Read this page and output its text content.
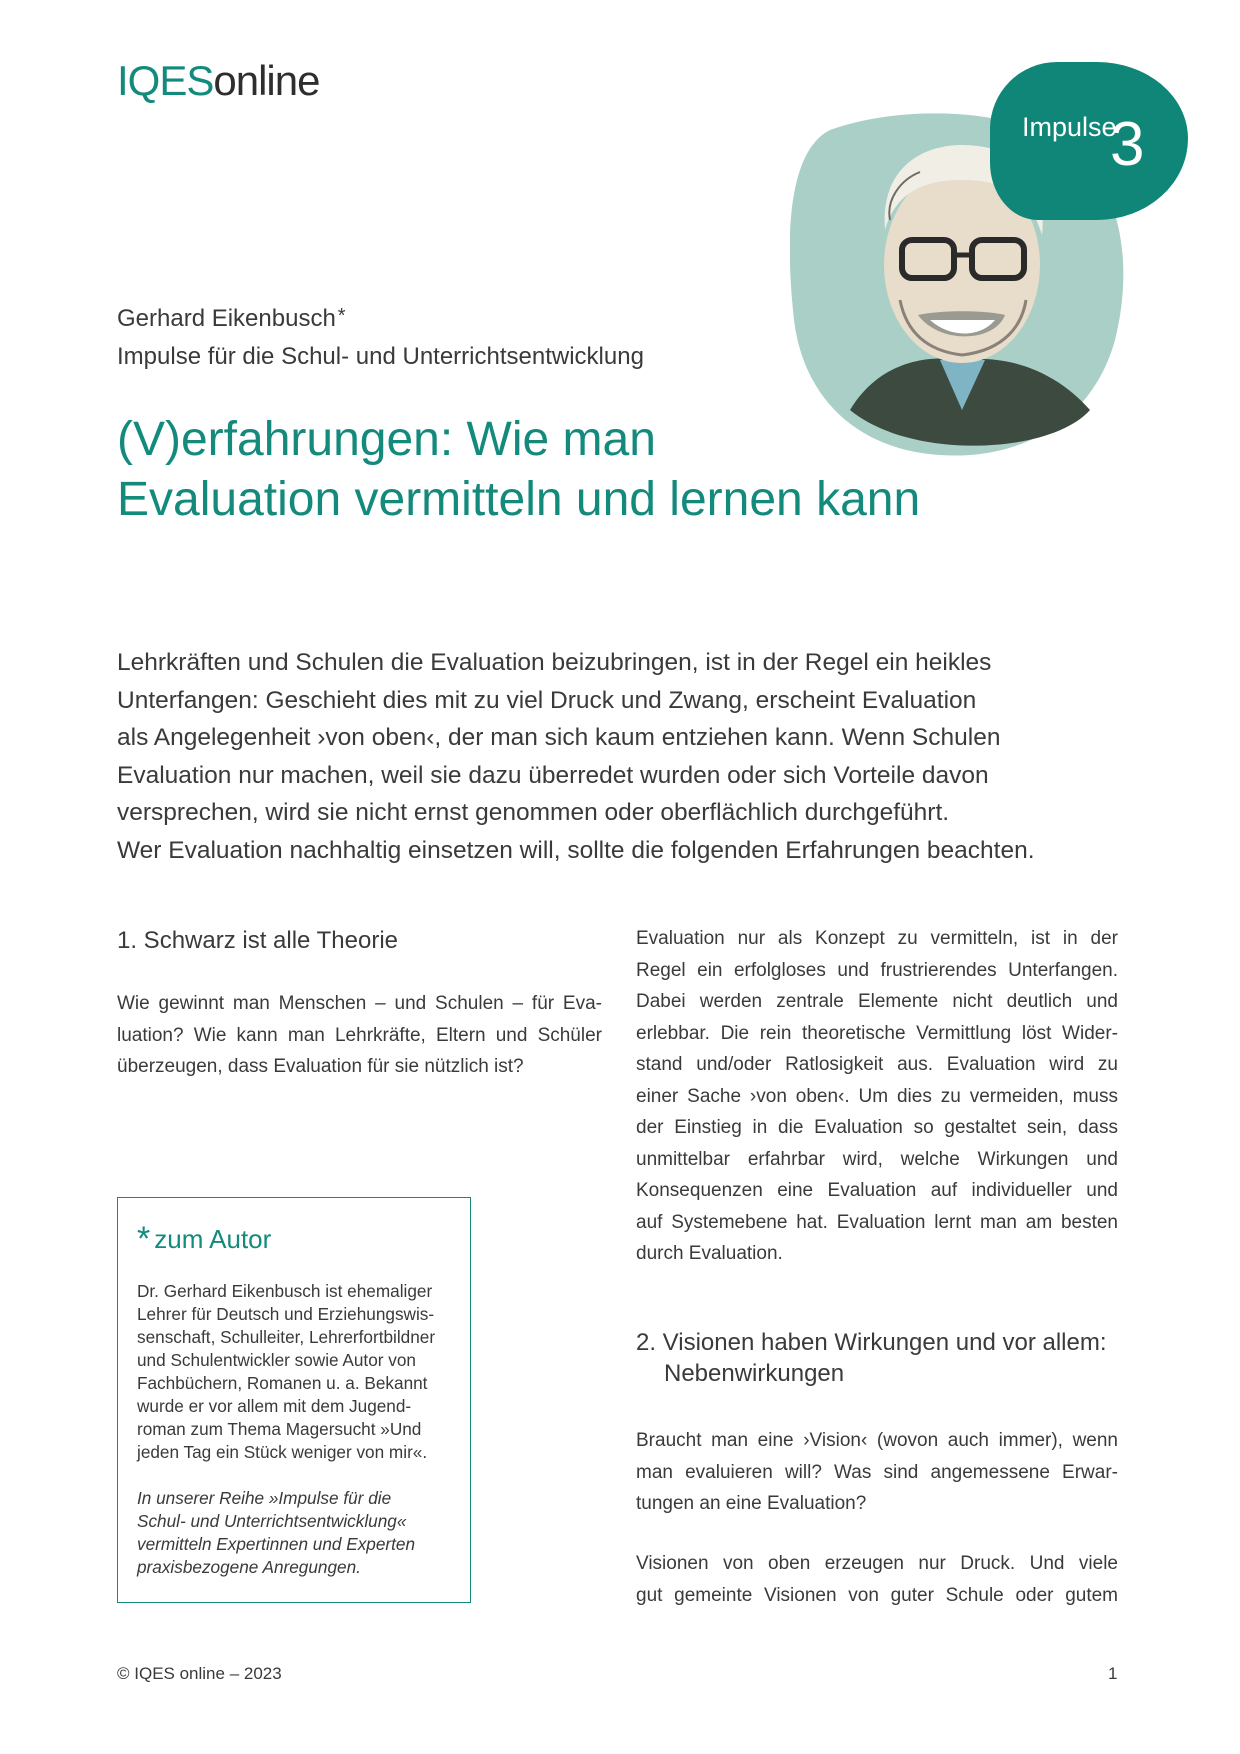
IQESonline
Impulse
3
Gerhard Eikenbusch *
Impulse für die Schul- und Unterrichtsentwicklung
(V)erfahrungen: Wie man
Evaluation vermitteln und lernen kann
Lehrkräften und Schulen die Evaluation beizubringen, ist in der Regel ein heikles
Unterfangen: Geschieht dies mit zu viel Druck und Zwang, erscheint Evaluation
als Angelegenheit ›von oben‹, der man sich kaum entziehen kann. Wenn Schulen
Evaluation nur machen, weil sie dazu überredet wurden oder sich Vorteile davon
versprechen, wird sie nicht ernst genommen oder oberflächlich durchgeführt.
Wer Evaluation nachhaltig einsetzen will, sollte die folgenden Erfahrungen beachten.
1. Schwarz ist alle Theorie
Wie gewinnt man Menschen – und Schulen – für Eva-
luation? Wie kann man Lehrkräfte, Eltern und Schüler
überzeugen, dass Evaluation für sie nützlich ist?
* zum Autor
Dr. Gerhard Eikenbusch ist ehemaliger
Lehrer für Deutsch und Erziehungswis-
senschaft, Schulleiter, Lehrerfortbildner
und Schulentwickler sowie Autor von
Fachbüchern, Romanen u. a. Bekannt
wurde er vor allem mit dem Jugend-
roman zum Thema Magersucht »Und
jeden Tag ein Stück weniger von mir«.
In unserer Reihe »Impulse für die
Schul- und Unterrichtsentwicklung«
vermitteln Expertinnen und Experten
praxisbezogene Anregungen.
Evaluation nur als Konzept zu vermitteln, ist in der
Regel ein erfolgloses und frustrierendes Unterfangen.
Dabei werden zentrale Elemente nicht deutlich und
erlebbar. Die rein theoretische Vermittlung löst Wider-
stand und/oder Ratlosigkeit aus. Evaluation wird zu
einer Sache ›von oben‹. Um dies zu vermeiden, muss
der Einstieg in die Evaluation so gestaltet sein, dass
unmittelbar erfahrbar wird, welche Wirkungen und
Konsequenzen eine Evaluation auf individueller und
auf Systemebene hat. Evaluation lernt man am besten
durch Evaluation.
2. Visionen haben Wirkungen und vor allem:
Nebenwirkungen
Braucht man eine ›Vision‹ (wovon auch immer), wenn
man evaluieren will? Was sind angemessene Erwar-
tungen an eine Evaluation?
Visionen von oben erzeugen nur Druck. Und viele
gut gemeinte Visionen von guter Schule oder gutem
© IQES online – 2023	1
